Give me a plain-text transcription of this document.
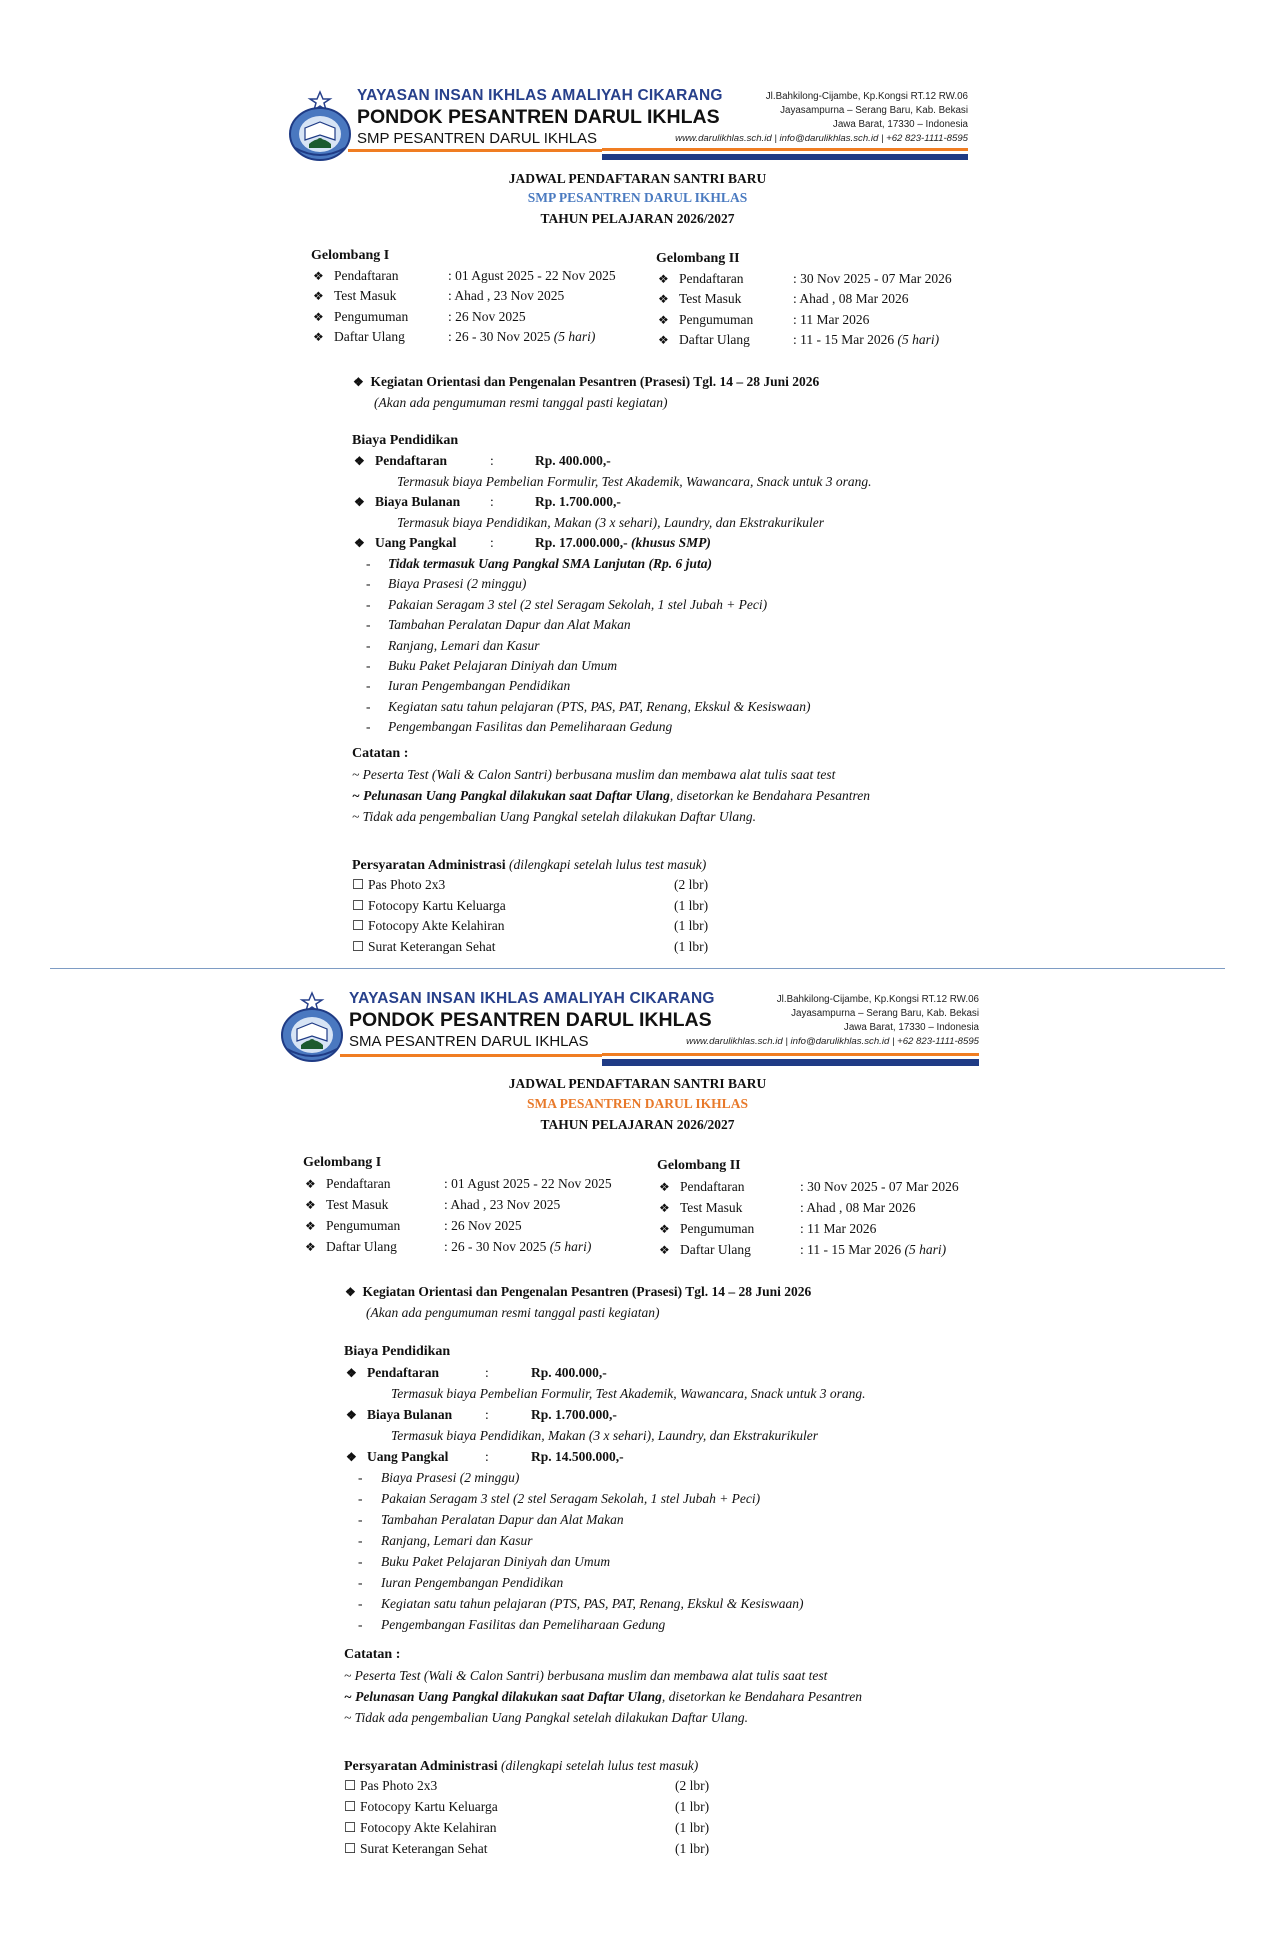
YAYASAN INSAN IKHLAS AMALIYAH CIKARANG
PONDOK PESANTREN DARUL IKHLAS
SMP PESANTREN DARUL IKHLAS
Jl.Bahkilong-Cijambe, Kp.Kongsi RT.12 RW.06
Jayasampurna – Serang Baru, Kab. Bekasi
Jawa Barat, 17330 – Indonesia
www.darulikhlas.sch.id | info@darulikhlas.sch.id | +62 823-1111-8595
JADWAL PENDAFTARAN SANTRI BARU
SMP PESANTREN DARUL IKHLAS
TAHUN PELAJARAN 2026/2027
Gelombang I
❖ Pendaftaran	: 01 Agust 2025 - 22 Nov 2025
❖ Test Masuk	: Ahad , 23 Nov 2025
❖ Pengumuman	: 26 Nov 2025
❖ Daftar Ulang	: 26 - 30 Nov 2025 (5 hari)
Gelombang II
❖ Pendaftaran	: 30 Nov 2025 - 07 Mar 2026
❖ Test Masuk	: Ahad , 08 Mar 2026
❖ Pengumuman	: 11 Mar 2026
❖ Daftar Ulang	: 11 - 15 Mar 2026 (5 hari)
❖ Kegiatan Orientasi dan Pengenalan Pesantren (Prasesi) Tgl. 14 – 28 Juni 2026
(Akan ada pengumuman resmi tanggal pasti kegiatan)
Biaya Pendidikan
❖ Pendaftaran	:	Rp. 400.000,-
Termasuk biaya Pembelian Formulir, Test Akademik, Wawancara, Snack untuk 3 orang.
❖ Biaya Bulanan :	Rp. 1.700.000,-
Termasuk biaya Pendidikan, Makan (3 x sehari), Laundry, dan Ekstrakurikuler
❖ Uang Pangkal :	Rp. 17.000.000,- (khusus SMP)
- Tidak termasuk Uang Pangkal SMA Lanjutan (Rp. 6 juta)
- Biaya Prasesi (2 minggu)
- Pakaian Seragam 3 stel (2 stel Seragam Sekolah, 1 stel Jubah + Peci)
- Tambahan Peralatan Dapur dan Alat Makan
- Ranjang, Lemari dan Kasur
- Buku Paket Pelajaran Diniyah dan Umum
- Iuran Pengembangan Pendidikan
- Kegiatan satu tahun pelajaran (PTS, PAS, PAT, Renang, Ekskul & Kesiswaan)
- Pengembangan Fasilitas dan Pemeliharaan Gedung
Catatan :
~ Peserta Test (Wali & Calon Santri) berbusana muslim dan membawa alat tulis saat test
~ Pelunasan Uang Pangkal dilakukan saat Daftar Ulang, disetorkan ke Bendahara Pesantren
~ Tidak ada pengembalian Uang Pangkal setelah dilakukan Daftar Ulang.
Persyaratan Administrasi (dilengkapi setelah lulus test masuk)
☐ Pas Photo 2x3	(2 lbr)
☐ Fotocopy Kartu Keluarga	(1 lbr)
☐ Fotocopy Akte Kelahiran	(1 lbr)
☐ Surat Keterangan Sehat	(1 lbr)
YAYASAN INSAN IKHLAS AMALIYAH CIKARANG
PONDOK PESANTREN DARUL IKHLAS
SMA PESANTREN DARUL IKHLAS
Jl.Bahkilong-Cijambe, Kp.Kongsi RT.12 RW.06
Jayasampurna – Serang Baru, Kab. Bekasi
Jawa Barat, 17330 – Indonesia
www.darulikhlas.sch.id | info@darulikhlas.sch.id | +62 823-1111-8595
JADWAL PENDAFTARAN SANTRI BARU
SMA PESANTREN DARUL IKHLAS
TAHUN PELAJARAN 2026/2027
Gelombang I
❖ Pendaftaran	: 01 Agust 2025 - 22 Nov 2025
❖ Test Masuk	: Ahad , 23 Nov 2025
❖ Pengumuman	: 26 Nov 2025
❖ Daftar Ulang	: 26 - 30 Nov 2025 (5 hari)
Gelombang II
❖ Pendaftaran	: 30 Nov 2025 - 07 Mar 2026
❖ Test Masuk	: Ahad , 08 Mar 2026
❖ Pengumuman	: 11 Mar 2026
❖ Daftar Ulang	: 11 - 15 Mar 2026 (5 hari)
❖ Kegiatan Orientasi dan Pengenalan Pesantren (Prasesi) Tgl. 14 – 28 Juni 2026
(Akan ada pengumuman resmi tanggal pasti kegiatan)
Biaya Pendidikan
❖ Pendaftaran	:	Rp. 400.000,-
Termasuk biaya Pembelian Formulir, Test Akademik, Wawancara, Snack untuk 3 orang.
❖ Biaya Bulanan :	Rp. 1.700.000,-
Termasuk biaya Pendidikan, Makan (3 x sehari), Laundry, dan Ekstrakurikuler
❖ Uang Pangkal	:	Rp. 14.500.000,-
- Biaya Prasesi (2 minggu)
- Pakaian Seragam 3 stel (2 stel Seragam Sekolah, 1 stel Jubah + Peci)
- Tambahan Peralatan Dapur dan Alat Makan
- Ranjang, Lemari dan Kasur
- Buku Paket Pelajaran Diniyah dan Umum
- Iuran Pengembangan Pendidikan
- Kegiatan satu tahun pelajaran (PTS, PAS, PAT, Renang, Ekskul & Kesiswaan)
- Pengembangan Fasilitas dan Pemeliharaan Gedung
Catatan :
~ Peserta Test (Wali & Calon Santri) berbusana muslim dan membawa alat tulis saat test
~ Pelunasan Uang Pangkal dilakukan saat Daftar Ulang, disetorkan ke Bendahara Pesantren
~ Tidak ada pengembalian Uang Pangkal setelah dilakukan Daftar Ulang.
Persyaratan Administrasi (dilengkapi setelah lulus test masuk)
☐ Pas Photo 2x3	(2 lbr)
☐ Fotocopy Kartu Keluarga	(1 lbr)
☐ Fotocopy Akte Kelahiran	(1 lbr)
☐ Surat Keterangan Sehat	(1 lbr)
